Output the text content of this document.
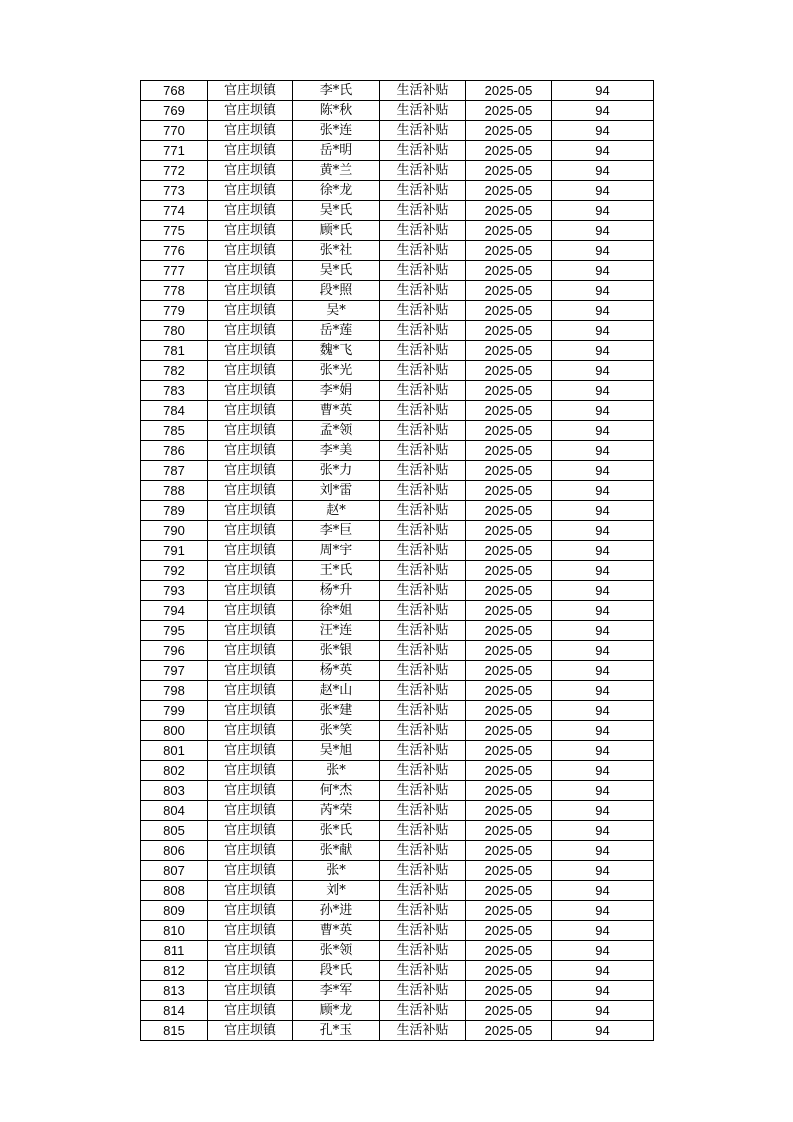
768	官庄坝镇	李*氏	生活补贴	2025-05	94
769	官庄坝镇	陈*秋	生活补贴	2025-05	94
770	官庄坝镇	张*连	生活补贴	2025-05	94
771	官庄坝镇	岳*明	生活补贴	2025-05	94
772	官庄坝镇	黄*兰	生活补贴	2025-05	94
773	官庄坝镇	徐*龙	生活补贴	2025-05	94
774	官庄坝镇	吴*氏	生活补贴	2025-05	94
775	官庄坝镇	顾*氏	生活补贴	2025-05	94
776	官庄坝镇	张*社	生活补贴	2025-05	94
777	官庄坝镇	吴*氏	生活补贴	2025-05	94
778	官庄坝镇	段*照	生活补贴	2025-05	94
779	官庄坝镇	吴*	生活补贴	2025-05	94
780	官庄坝镇	岳*莲	生活补贴	2025-05	94
781	官庄坝镇	魏*飞	生活补贴	2025-05	94
782	官庄坝镇	张*光	生活补贴	2025-05	94
783	官庄坝镇	李*娟	生活补贴	2025-05	94
784	官庄坝镇	曹*英	生活补贴	2025-05	94
785	官庄坝镇	孟*领	生活补贴	2025-05	94
786	官庄坝镇	李*美	生活补贴	2025-05	94
787	官庄坝镇	张*力	生活补贴	2025-05	94
788	官庄坝镇	刘*雷	生活补贴	2025-05	94
789	官庄坝镇	赵*	生活补贴	2025-05	94
790	官庄坝镇	李*巨	生活补贴	2025-05	94
791	官庄坝镇	周*宇	生活补贴	2025-05	94
792	官庄坝镇	王*氏	生活补贴	2025-05	94
793	官庄坝镇	杨*升	生活补贴	2025-05	94
794	官庄坝镇	徐*姐	生活补贴	2025-05	94
795	官庄坝镇	汪*连	生活补贴	2025-05	94
796	官庄坝镇	张*银	生活补贴	2025-05	94
797	官庄坝镇	杨*英	生活补贴	2025-05	94
798	官庄坝镇	赵*山	生活补贴	2025-05	94
799	官庄坝镇	张*建	生活补贴	2025-05	94
800	官庄坝镇	张*笑	生活补贴	2025-05	94
801	官庄坝镇	吴*旭	生活补贴	2025-05	94
802	官庄坝镇	张*	生活补贴	2025-05	94
803	官庄坝镇	何*杰	生活补贴	2025-05	94
804	官庄坝镇	芮*荣	生活补贴	2025-05	94
805	官庄坝镇	张*氏	生活补贴	2025-05	94
806	官庄坝镇	张*献	生活补贴	2025-05	94
807	官庄坝镇	张*	生活补贴	2025-05	94
808	官庄坝镇	刘*	生活补贴	2025-05	94
809	官庄坝镇	孙*进	生活补贴	2025-05	94
810	官庄坝镇	曹*英	生活补贴	2025-05	94
811	官庄坝镇	张*领	生活补贴	2025-05	94
812	官庄坝镇	段*氏	生活补贴	2025-05	94
813	官庄坝镇	李*军	生活补贴	2025-05	94
814	官庄坝镇	顾*龙	生活补贴	2025-05	94
815	官庄坝镇	孔*玉	生活补贴	2025-05	94
